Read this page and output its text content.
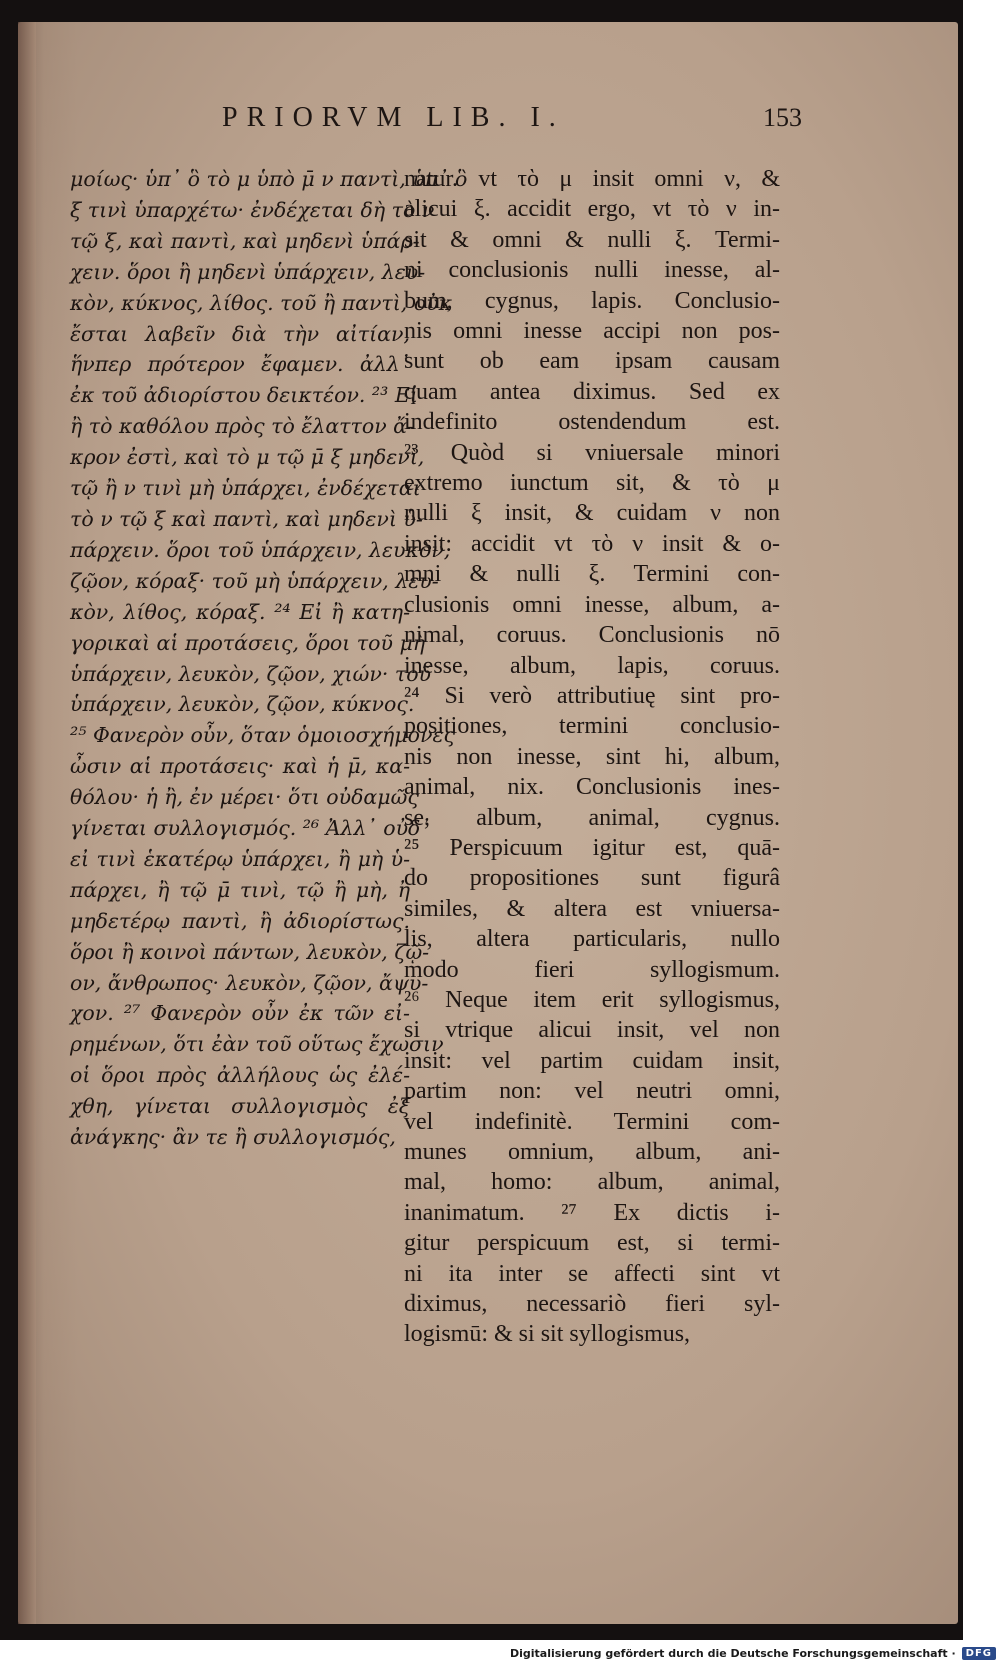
PRIORVM LIB. I.	153
μοίως· ὑπ᾽ ὃ τὸ μ ὑπὸ μ̄ ν παντὶ, ὑπ᾽ ὃ
ξ τινὶ ὑπαρχέτω· ἐνδέχεται δὴ τὸ ν
τῷ ξ, καὶ παντὶ, καὶ μηδενὶ ὑπάρ-
χειν. ὅροι ἢ μηδενὶ ὑπάρχειν, λευ-
κὸν, κύκνος, λίθος. τοῦ ἢ παντὶ, οὐκ
ἔσται λαβεῖν διὰ τὴν αἰτίαν,
ἥνπερ πρότερον ἔφαμεν. ἀλλ᾽
ἐκ τοῦ ἀδιορίστου δεικτέον. ²³ Εἰ
ἢ τὸ καθόλου πρὸς τὸ ἔλαττον ἄ-
κρον ἐστὶ, καὶ τὸ μ τῷ μ̄ ξ μηδενὶ,
τῷ ἢ ν τινὶ μὴ ὑπάρχει, ἐνδέχεται
τὸ ν τῷ ξ καὶ παντὶ, καὶ μηδενὶ ὑ-
πάρχειν. ὅροι τοῦ ὑπάρχειν, λευκὸν,
ζῷον, κόραξ· τοῦ μὴ ὑπάρχειν, λευ-
κὸν, λίθος, κόραξ. ²⁴ Εἰ ἢ κατη-
γορικαὶ αἱ προτάσεις, ὅροι τοῦ μὴ
ὑπάρχειν, λευκὸν, ζῷον, χιών· τοῦ
ὑπάρχειν, λευκὸν, ζῷον, κύκνος.
²⁵ Φανερὸν οὖν, ὅταν ὁμοιοσχήμονες
ὦσιν αἱ προτάσεις· καὶ ἡ μ̄, κα-
θόλου· ἡ ἢ, ἐν μέρει· ὅτι οὐδαμῶς
γίνεται συλλογισμός. ²⁶ Ἀλλ᾽ οὐδ᾽
εἰ τινὶ ἑκατέρῳ ὑπάρχει, ἢ μὴ ὑ-
πάρχει, ἢ τῷ μ̄ τινὶ, τῷ ἢ μὴ, ἢ
μηδετέρῳ παντὶ, ἢ ἀδιορίστως.
ὅροι ἢ κοινοὶ πάντων, λευκὸν, ζῷ-
ον, ἄνθρωπος· λευκὸν, ζῷον, ἄψυ-
χον. ²⁷ Φανερὸν οὖν ἐκ τῶν εἰ-
ρημένων, ὅτι ἐὰν τοῦ οὕτως ἔχωσιν
οἱ ὅροι πρὸς ἀλλήλους ὡς ἐλέ-
χθη, γίνεται συλλογισμὸς ἐξ
ἀνάγκης· ἂν τε ἢ συλλογισμός,
natur. vt τὸ μ insit omni ν, &
alicui ξ. accidit ergo, vt τὸ ν in-
sit & omni & nulli ξ. Termi-
ni conclusionis nulli inesse, al-
bum, cygnus, lapis. Conclusio-
nis omni inesse accipi non pos-
sunt ob eam ipsam causam
quam antea diximus. Sed ex
indefinito ostendendum est.
²³ Quòd si vniuersale minori
extremo iunctum sit, & τὸ μ
nulli ξ insit, & cuidam ν non
insit: accidit vt τὸ ν insit & o-
mni & nulli ξ. Termini con-
clusionis omni inesse, album, a-
nimal, coruus. Conclusionis nō
inesse, album, lapis, coruus.
²⁴ Si verò attributiuę sint pro-
positiones, termini conclusio-
nis non inesse, sint hi, album,
animal, nix. Conclusionis ines-
se, album, animal, cygnus.
²⁵ Perspicuum igitur est, quā-
do propositiones sunt figurâ
similes, & altera est vniuersa-
lis, altera particularis, nullo
modo fieri syllogismum.
²⁶ Neque item erit syllogismus,
si vtrique alicui insit, vel non
insit: vel partim cuidam insit,
partim non: vel neutri omni,
vel indefinitè. Termini com-
munes omnium, album, ani-
mal, homo: album, animal,
inanimatum. ²⁷ Ex dictis i-
gitur perspicuum est, si termi-
ni ita inter se affecti sint vt
diximus, necessariò fieri syl-
logismū: & si sit syllogismus,
Digitalisierung gefördert durch die Deutsche Forschungsgemeinschaft ·	DFG
